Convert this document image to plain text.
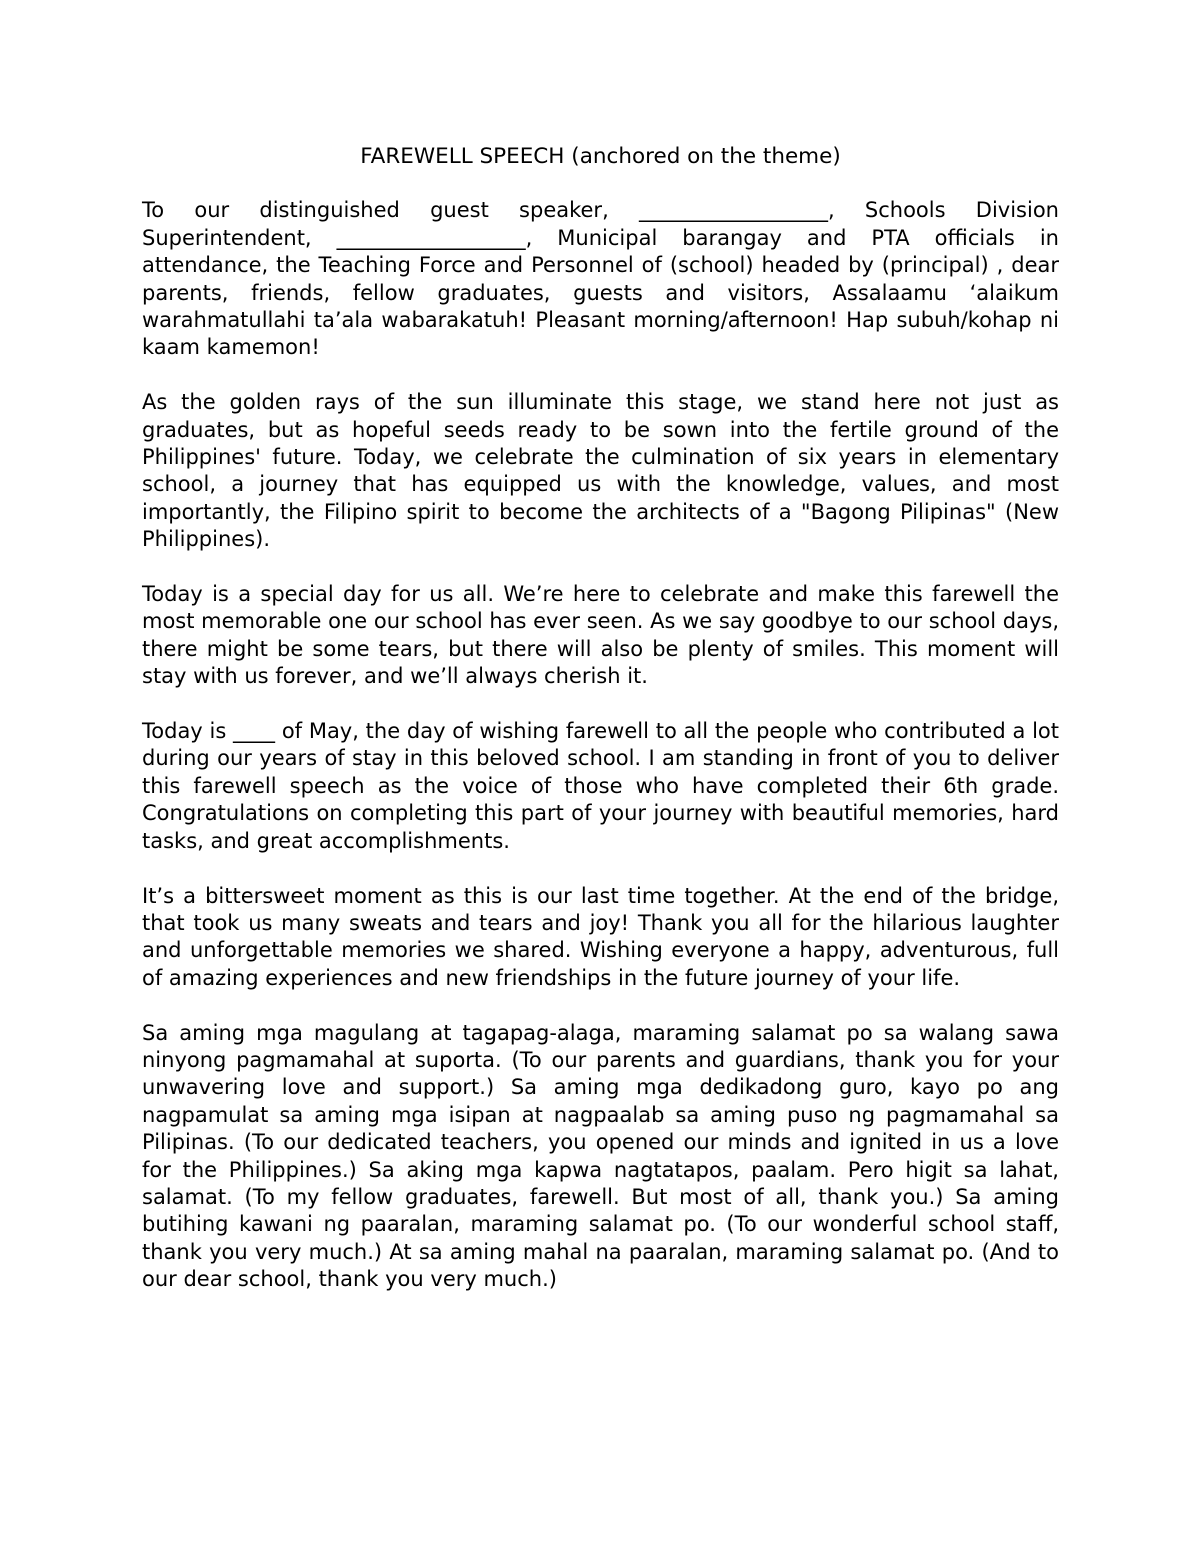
FAREWELL SPEECH (anchored on the theme)

To our distinguished guest speaker, __________________, Schools Division Superintendent, __________________, Municipal barangay and PTA officials in attendance, the Teaching Force and Personnel of (school) headed by (principal) , dear parents, friends, fellow graduates, guests and visitors, Assalaamu ‘alaikum warahmatullahi ta’ala wabarakatuh! Pleasant morning/afternoon! Hap subuh/kohap ni kaam kamemon!

As the golden rays of the sun illuminate this stage, we stand here not just as graduates, but as hopeful seeds ready to be sown into the fertile ground of the Philippines' future. Today, we celebrate the culmination of six years in elementary school, a journey that has equipped us with the knowledge, values, and most importantly, the Filipino spirit to become the architects of a "Bagong Pilipinas" (New Philippines).

Today is a special day for us all. We’re here to celebrate and make this farewell the most memorable one our school has ever seen. As we say goodbye to our school days, there might be some tears, but there will also be plenty of smiles. This moment will stay with us forever, and we’ll always cherish it.

Today is ____ of May, the day of wishing farewell to all the people who contributed a lot during our years of stay in this beloved school. I am standing in front of you to deliver this farewell speech as the voice of those who have completed their 6th grade. Congratulations on completing this part of your journey with beautiful memories, hard tasks, and great accomplishments.

It’s a bittersweet moment as this is our last time together. At the end of the bridge, that took us many sweats and tears and joy! Thank you all for the hilarious laughter and unforgettable memories we shared. Wishing everyone a happy, adventurous, full of amazing experiences and new friendships in the future journey of your life.

Sa aming mga magulang at tagapag-alaga, maraming salamat po sa walang sawa ninyong pagmamahal at suporta. (To our parents and guardians, thank you for your unwavering love and support.) Sa aming mga dedikadong guro, kayo po ang nagpamulat sa aming mga isipan at nagpaalab sa aming puso ng pagmamahal sa Pilipinas. (To our dedicated teachers, you opened our minds and ignited in us a love for the Philippines.) Sa aking mga kapwa nagtatapos, paalam. Pero higit sa lahat, salamat. (To my fellow graduates, farewell. But most of all, thank you.) Sa aming butihing kawani ng paaralan, maraming salamat po. (To our wonderful school staff, thank you very much.) At sa aming mahal na paaralan, maraming salamat po. (And to our dear school, thank you very much.)
